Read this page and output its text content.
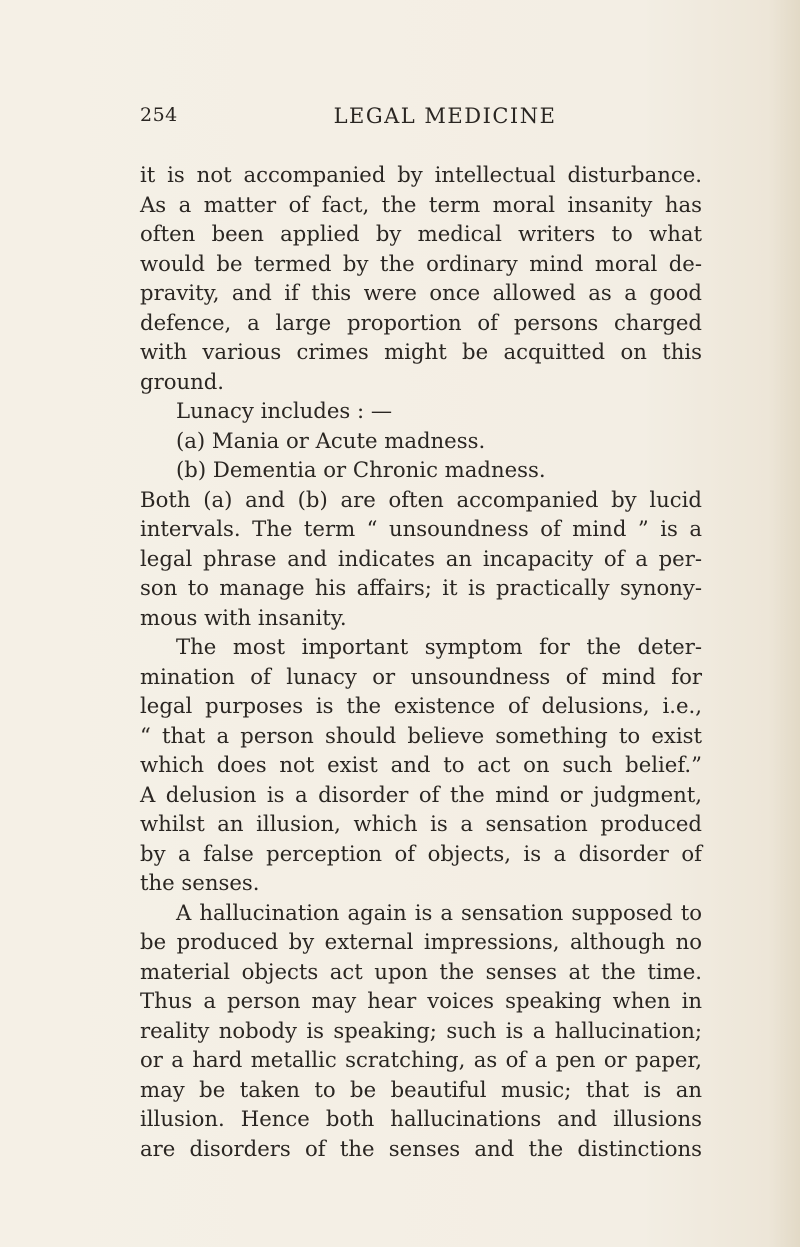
254	LEGAL MEDICINE
it is not accompanied by intellectual disturbance.
As a matter of fact, the term moral insanity has
often been applied by medical writers to what
would be termed by the ordinary mind moral de-
pravity, and if this were once allowed as a good
defence, a large proportion of persons charged
with various crimes might be acquitted on this
ground.
Lunacy includes : —
(a) Mania or Acute madness.
(b) Dementia or Chronic madness.
Both (a) and (b) are often accompanied by lucid
intervals. The term “ unsoundness of mind ” is a
legal phrase and indicates an incapacity of a per-
son to manage his affairs; it is practically synony-
mous with insanity.
The most important symptom for the deter-
mination of lunacy or unsoundness of mind for
legal purposes is the existence of delusions, i.e.,
“ that a person should believe something to exist
which does not exist and to act on such belief.”
A delusion is a disorder of the mind or judgment,
whilst an illusion, which is a sensation produced
by a false perception of objects, is a disorder of
the senses.
A hallucination again is a sensation supposed to
be produced by external impressions, although no
material objects act upon the senses at the time.
Thus a person may hear voices speaking when in
reality nobody is speaking; such is a hallucination;
or a hard metallic scratching, as of a pen or paper,
may be taken to be beautiful music; that is an
illusion. Hence both hallucinations and illusions
are disorders of the senses and the distinctions
